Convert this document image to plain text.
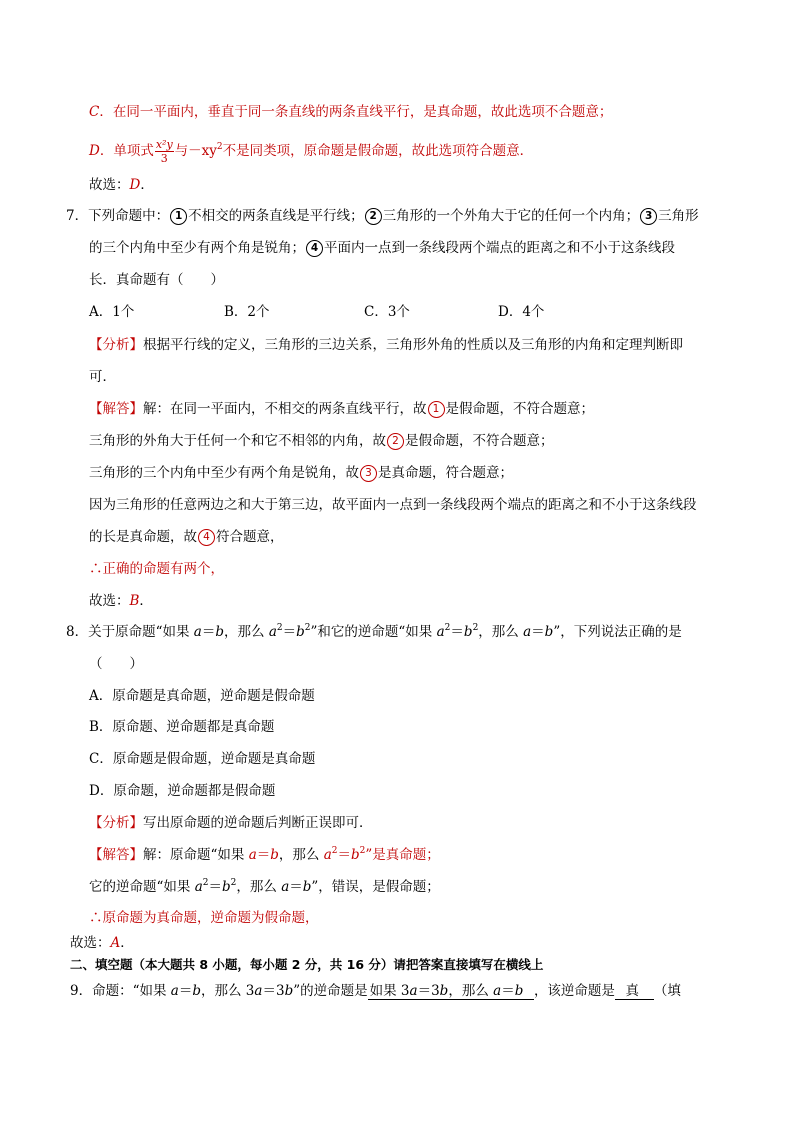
C．在同一平面内，垂直于同一条直线的两条直线平行，是真命题，故此选项不合题意；
D．单项式 $\frac{\text{x²y}}{3}$ 与$-xy^2$不是同类项，原命题是假命题，故此选项符合题意．
故选：D．
7．下列命题中： 1 不相交的两条直线是平行线； 2 三角形的一个外角大于它的任何一个内角； 3 三角形
的三个内角中至少有两个角是锐角； 4 平面内一点到一条线段两个端点的距离之和不小于这条线段
长．真命题有（　　）
A．1个	B．2个	C．3个	D．4个
【分析】根据平行线的定义，三角形的三边关系，三角形外角的性质以及三角形的内角和定理判断即
可．
【解答】解：在同一平面内，不相交的两条直线平行，故 1 是假命题，不符合题意；
三角形的外角大于任何一个和它不相邻的内角，故 2 是假命题，不符合题意；
三角形的三个内角中至少有两个角是锐角，故 3 是真命题，符合题意；
因为三角形的任意两边之和大于第三边，故平面内一点到一条线段两个端点的距离之和不小于这条线段
的长是真命题，故 4 符合题意，
∴正确的命题有两个，
故选：B．
8．关于原命题“如果 a＝b，那么 $a^2=b^2$”和它的逆命题“如果 $a^2=b^2$，那么 a＝b”，下列说法正确的是
（　　）
A．原命题是真命题，逆命题是假命题
B．原命题、逆命题都是真命题
C．原命题是假命题，逆命题是真命题
D．原命题，逆命题都是假命题
【分析】写出原命题的逆命题后判断正误即可．
【解答】解：原命题“如果 a＝b，那么 $a^2=b^2$”是真命题；
它的逆命题“如果 $a^2=b^2$，那么 a＝b”，错误，是假命题；
∴原命题为真命题，逆命题为假命题，
故选：A．
二、填空题（本大题共 8 小题，每小题 2 分，共 16 分）请把答案直接填写在横线上
9．命题：“如果 a＝b，那么 3a＝3b”的逆命题是 如果 3a＝3b，那么 a＝b ，该逆命题是 真 （填
